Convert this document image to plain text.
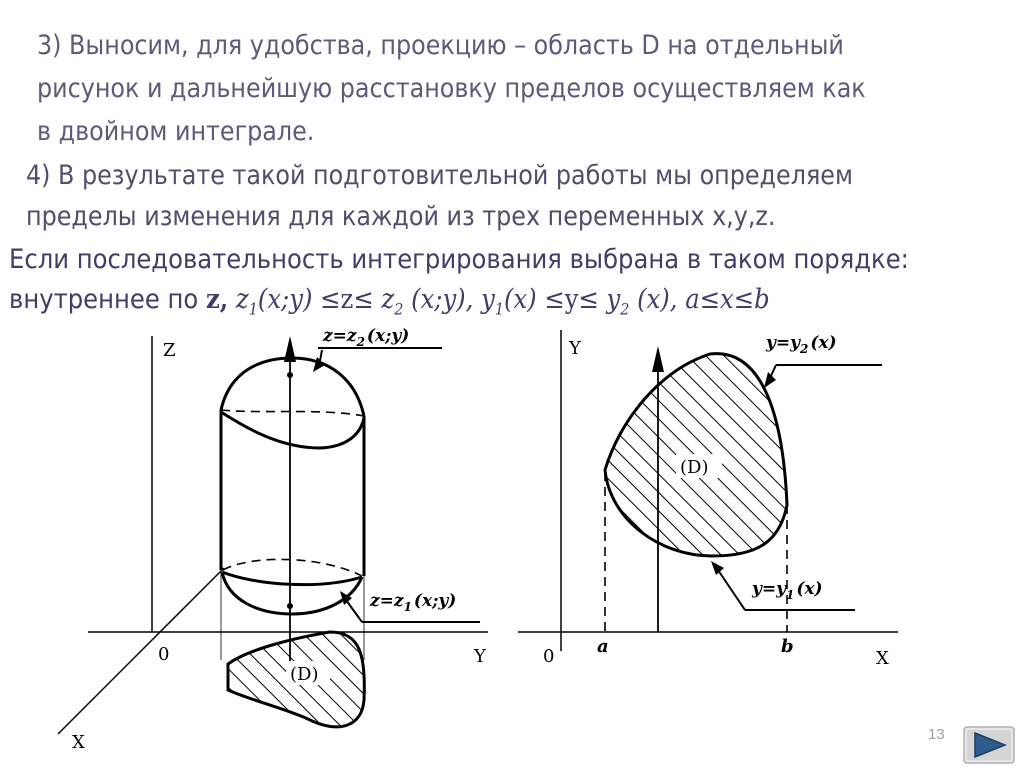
3) Выносим, для удобства, проекцию – область D на отдельный
рисунок и дальнейшую расстановку пределов осуществляем как
в двойном интеграле.
4) В результате такой подготовительной работы мы определяем
пределы изменения для каждой из трех переменных x,y,z.
Если последовательность интегрирования выбрана в таком порядке:
внутреннее по z, $z_1(x;y) \le z\le z_2$ (x;y), $y_1(x) \le y\le y_2$ (x), a≤x≤b
Z
Y
X
0
(D)
$z=z_2$ (x;y)
$z=z_1$ (x;y)
Y
X
0
(D)
a	b
$y=y_2$ (x)
$y=y_1$ (x)
13
